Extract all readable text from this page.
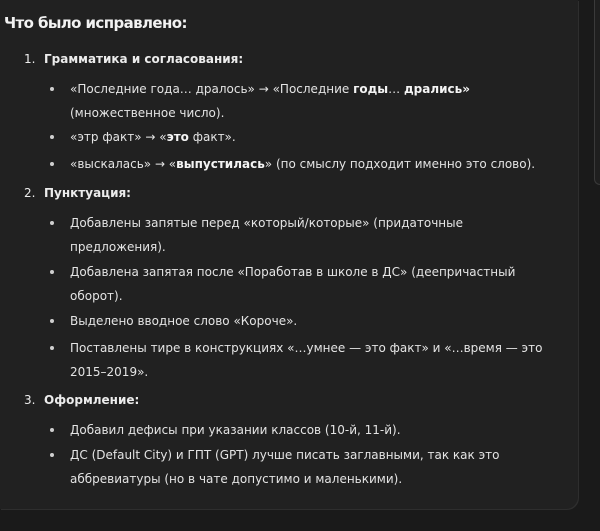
Что было исправлено:
1. Грамматика и согласования:
«Последние года… дралось» → «Последние годы… дрались»
(множественное число).
«этр факт» → «это факт».
«выскалась» → «выпустилась» (по смыслу подходит именно это слово).
2. Пунктуация:
Добавлены запятые перед «который/которые» (придаточные
предложения).
Добавлена запятая после «Поработав в школе в ДС» (деепричастный
оборот).
Выделено вводное слово «Короче».
Поставлены тире в конструкциях «…умнее — это факт» и «…время — это
2015–2019».
3. Оформление:
Добавил дефисы при указании классов (10-й, 11-й).
ДС (Default City) и ГПТ (GPT) лучше писать заглавными, так как это
аббревиатуры (но в чате допустимо и маленькими).
